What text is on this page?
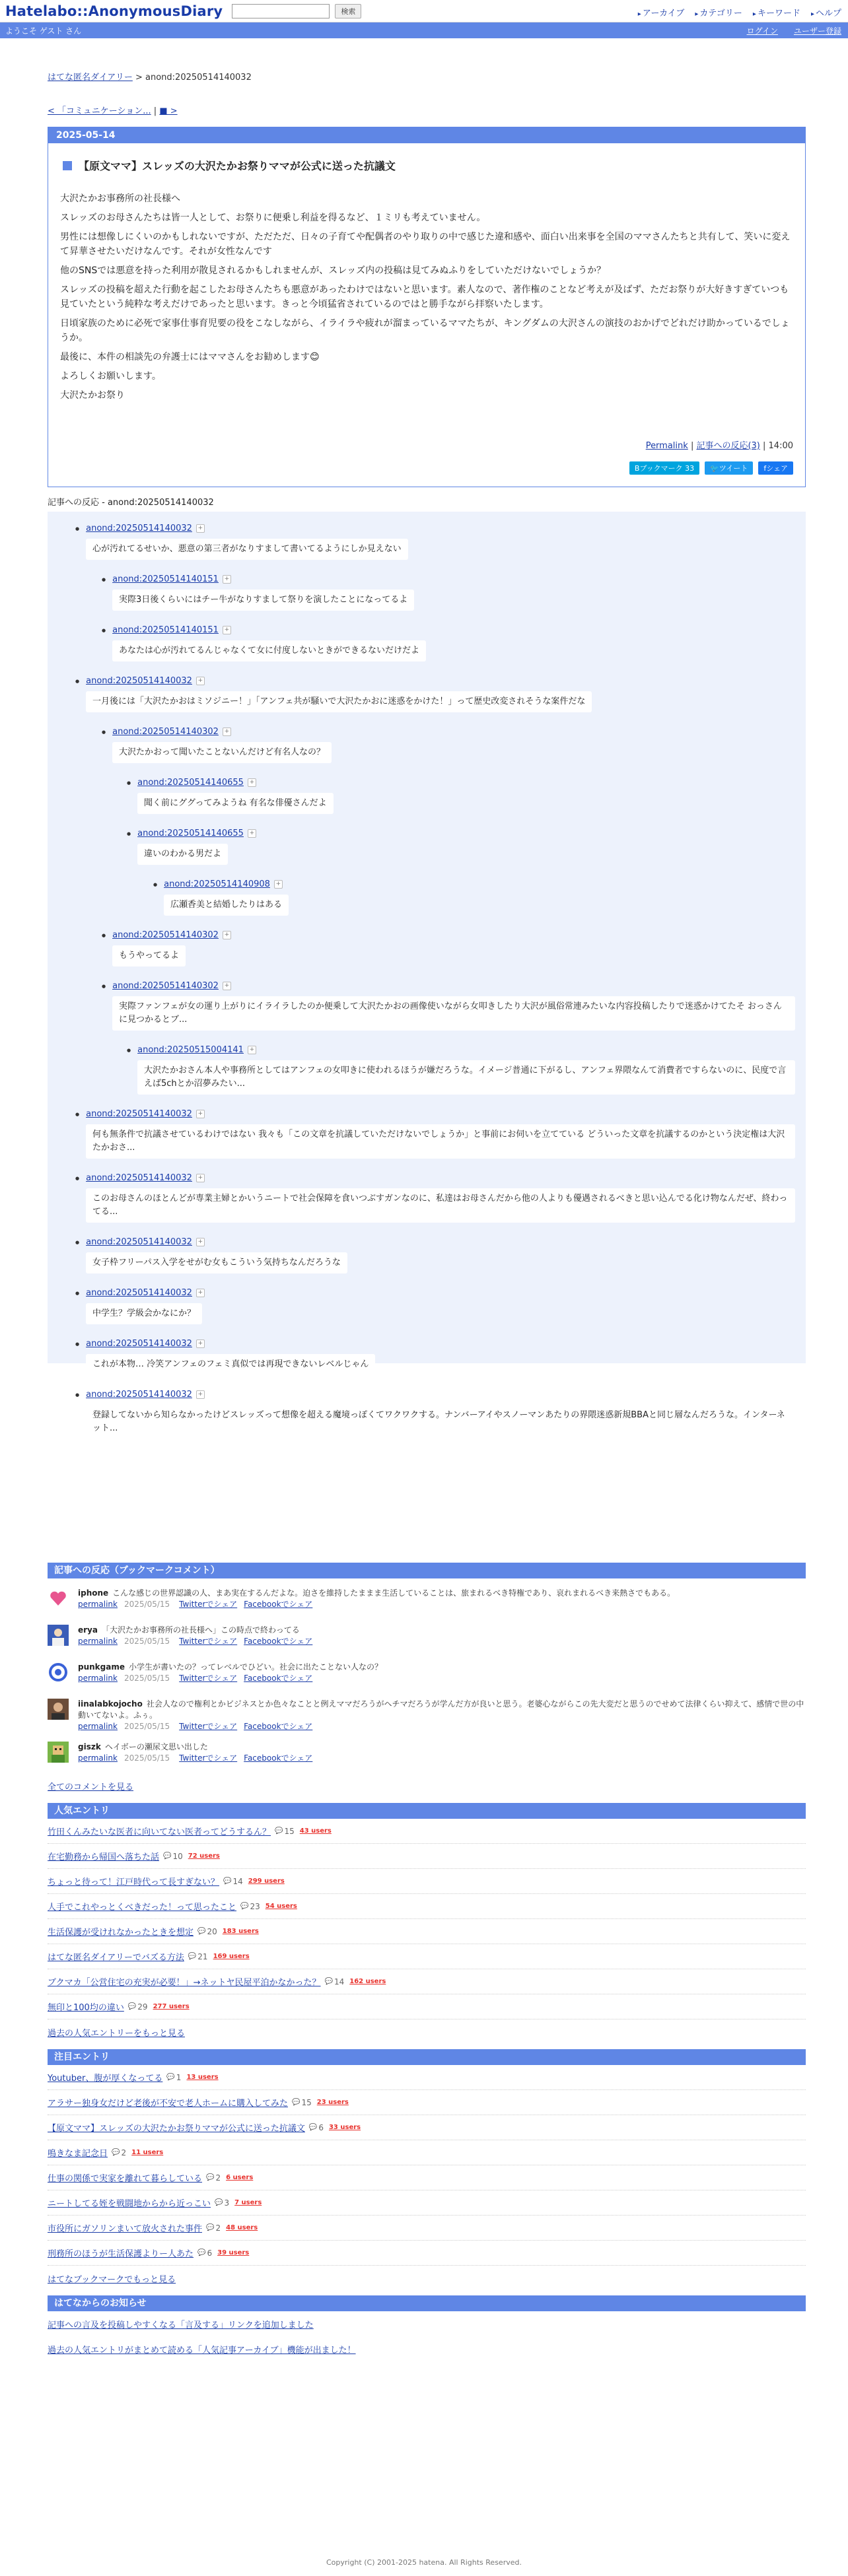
Hatelabo::AnonymousDiary	検索	▸ アーカイブ	▸ カテゴリー	▸ キーワード	▸ ヘルプ
ようこそ ゲスト さん	ログイン ユーザー登録
はてな匿名ダイアリー > anond:20250514140032
< 「コミュニケーション... | ■ >
2025-05-14
【原文ママ】スレッズの大沢たかお祭りママが公式に送った抗議文

大沢たかお事務所の社長様へ

スレッズのお母さんたちは皆一人として、お祭りに便乗し利益を得るなど、１ミリも考えていません。

男性には想像しにくいのかもしれないですが、ただただ、日々の子育てや配偶者のやり取りの中で感じた違和感や、面白い出来事を全国のママさんたちと共有して、笑いに変えて昇華させたいだけなんです。それが女性なんです

他のSNSでは悪意を持った利用が散見されるかもしれませんが、スレッズ内の投稿は見てみぬふりをしていただけないでしょうか？

スレッズの投稿を超えた行動を起こしたお母さんたちも悪意があったわけではないと思います。素人なので、著作権のことなど考えが及ばず、ただお祭りが大好きすぎていつも見ていたという純粋な考えだけであったと思います。きっと今頃猛省されているのではと勝手ながら拝察いたします。

日頃家族のために必死で家事仕事育児要の役をこなしながら、イライラや疲れが溜まっているママたちが、キングダムの大沢さんの演技のおかげでどれだけ助かっているでしょうか。

最後に、本件の相談先の弁護士にはママさんをお勧めします😊

よろしくお願いします。

大沢たかお祭り

Permalink | 記事への反応(3) | 14:00
Bブックマーク 33	🐦 ツイート f シェア
記事への反応 - anond:20250514140032
● anond:20250514140032 +
心が汚れてるせいか、悪意の第三者がなりすまして書いてるようにしか見えない
● anond:20250514140151 +
実際3日後くらいにはチー牛がなりすまして祭りを演したことになってるよ
● anond:20250514140151 +
あなたは心が汚れてるんじゃなくて女に付度しないときができるないだけだよ
● anond:20250514140032 +
一月後には「大沢たかおはミソジニー！」「アンフェ共が騒いで大沢たかおに迷惑をかけた！」って歴史改変されそうな案件だな
● anond:20250514140302 +
大沢たかおって聞いたことないんだけど有名人なの？
● anond:20250514140655 +
聞く前にググってみようね 有名な俳優さんだよ
● anond:20250514140655 +
違いのわかる男だよ
● anond:20250514140908 +
広瀬香美と結婚したりはある
● anond:20250514140302 +
もうやってるよ
● anond:20250514140302 +
実際ファンフェが女の運り上がりにイライラしたのか便乗して大沢たかおの画像使いながら女叩きしたり大沢が風俗常連みたいな内容投稿したりで迷惑かけてたそ おっさんに見つかるとブ...
● anond:20250515004141 +
大沢たかおさん本人や事務所としてはアンフェの女叩きに使われるほうが嫌だろうな。イメージ普通に下がるし、アンフェ界隈なんて消費者ですらないのに、民度で言えば5chとか沼夢みたい...
● anond:20250514140032 +
何も無条件で抗議させているわけではない 我々も「この文章を抗議していただけないでしょうか」と事前にお伺いを立てている どういった文章を抗議するのかという決定権は大沢たかおさ...
● anond:20250514140032 +
このお母さんのほとんどが専業主婦とかいうニートで社会保障を食いつぶすガンなのに、私達はお母さんだから他の人よりも優遇されるべきと思い込んでる化け物なんだぜ、終わってる...
● anond:20250514140032 +
女子枠フリーパス入学をせがむ女もこういう気持ちなんだろうな
● anond:20250514140032 +
中学生？学級会かなにか？
● anond:20250514140032 +
これが本物… 冷笑アンフェのフェミ真似では再現できないレベルじゃん
● anond:20250514140032 +
登録してないから知らなかったけどスレッズって想像を超える魔境っぽくてワクワクする。ナンバーアイやスノーマンあたりの界隈迷惑新規BBAと同じ層なんだろうな。インターネット...
記事への反応（ブックマークコメント）
iphone こんな感じの世界認識の人、まあ実在するんだよな。迫さを維持したままま生活していることは、旅まれるべき特権であり、哀れまれるべき来熱さでもある。
permalink 2025/05/15 Twitterでシェア Facebookでシェア
erya 「大沢たかお事務所の社長様へ」この時点で終わってる
permalink 2025/05/15 Twitterでシェア Facebookでシェア
punkgame 小学生が書いたの？ってレベルでひどい。社会に出たことない人なの？
permalink 2025/05/15 Twitterでシェア Facebookでシェア
iinalabkojocho 社会人なので権利とかビジネスとか色々なことと例えママだろうがヘチマだろうが学んだ方が良いと思う。老婆心ながらこの先大変だと思うのでせめて法律くらい抑えて、感情で世の中動いてないよ。ふぅ。
permalink 2025/05/15 Twitterでシェア Facebookでシェア
giszk ヘイボーの瀬尿文思い出した
permalink 2025/05/15 Twitterでシェア Facebookでシェア
全てのコメントを見る
人気エントリ
竹田くんみたいな医者に向いてない医者ってどうするん？	💬 15 43 users
在宅勤務から帰国へ落ちた話	💬 10 72 users
ちょっと待って！江戸時代って長すぎない？	💬 14 299 users
人手でこれやっとくべきだった！って思ったこと	💬 23 54 users
生活保護が受けれなかったときを想定	💬 20 183 users
はてな匿名ダイアリーでバズる方法	💬 21 169 users
ブクマカ「公営住宅の充実が必要！」→ネットヤ民屋平泊かなかった？	💬 14 162 users
無印と100均の違い	💬 29 277 users
過去の人気エントリーをもっと見る
注目エントリ
Youtuber、腹が厚くなってる	💬 1 13 users
アラサー独身女だけど老後が不安で老人ホームに購入してみた	💬 15 23 users
【原文ママ】スレッズの大沢たかお祭りママが公式に送った抗議文	💬 6 33 users
鳴きなま記念日	💬 2 11 users
仕事の関係で実家を離れて暮らしている	💬 2 6 users
ニートしてる姪を戦闘地からから近っこい	💬 3 7 users
市役所にガソリンまいて放火された事件	💬 2 48 users
刑務所のほうが生活保護よりー人あた	💬 6 39 users
はてなブックマークでもっと見る
はてなからのお知らせ
記事への言及を投稿しやすくなる「言及する」リンクを追加しました
過去の人気エントリがまとめて読める「人気記事アーカイブ」機能が出ました！
Copyright (C) 2001-2025 hatena. All Rights Reserved.
